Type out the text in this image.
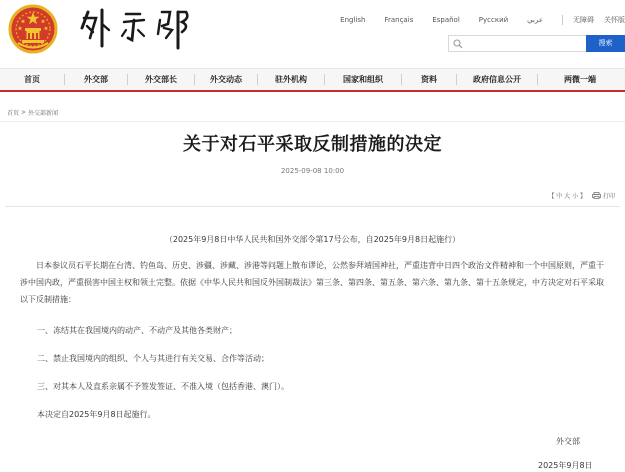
English	Français	Español	Русский	عربي	无障碍 关怀版
搜索
首页	外交部	外交部长	外交动态	驻外机构	国家和组织	资料	政府信息公开	两微一端
首页 > 外交部新闻
关于对石平采取反制措施的决定
2025-09-08 10:00
【 中 大 小 】	打印
（2025年9月8日中华人民共和国外交部令第17号公布，自2025年9月8日起施行）
日本参议员石平长期在台湾、钓鱼岛、历史、涉疆、涉藏、涉港等问题上散布谬论，公然参拜靖国神社，严重违背中日四个政治文件精神和一个中国原则，严重干涉中国内政，严重损害中国主权和领土完整。依据《中华人民共和国反外国制裁法》第三条、第四条、第五条、第六条、第九条、第十五条规定，中方决定对石平采取以下反制措施：
一、冻结其在我国境内的动产、不动产及其他各类财产；
二、禁止我国境内的组织、个人与其进行有关交易、合作等活动；
三、对其本人及直系亲属不予签发签证、不准入境（包括香港、澳门）。
本决定自2025年9月8日起施行。
外交部
2025年9月8日
